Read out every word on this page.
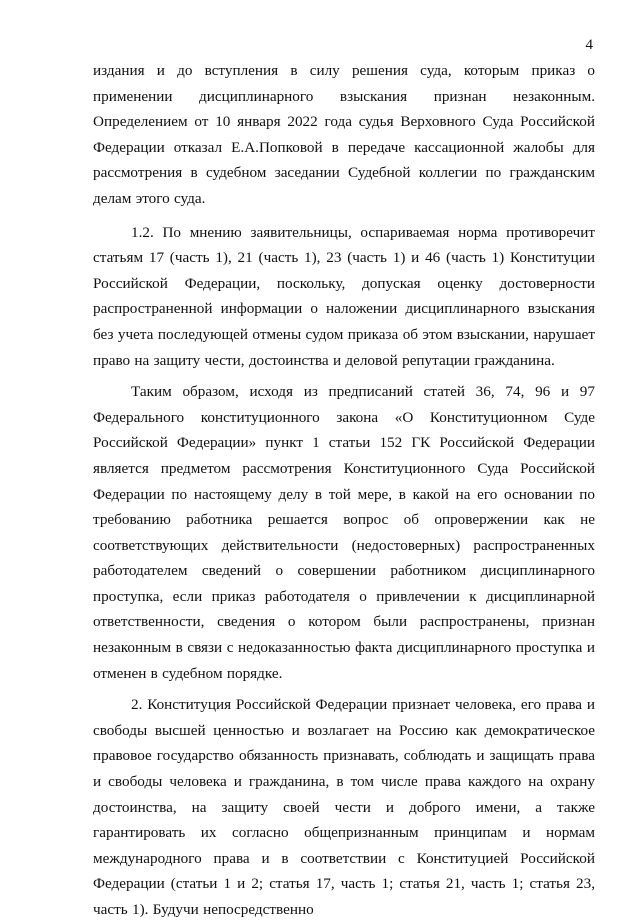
4

издания и до вступления в силу решения суда, которым приказ о применении дисциплинарного взыскания признан незаконным. Определением от 10 января 2022 года судья Верховного Суда Российской Федерации отказал Е.А.Попковой в передаче кассационной жалобы для рассмотрения в судебном заседании Судебной коллегии по гражданским делам этого суда.

1.2. По мнению заявительницы, оспариваемая норма противоречит статьям 17 (часть 1), 21 (часть 1), 23 (часть 1) и 46 (часть 1) Конституции Российской Федерации, поскольку, допуская оценку достоверности распространенной информации о наложении дисциплинарного взыскания без учета последующей отмены судом приказа об этом взыскании, нарушает право на защиту чести, достоинства и деловой репутации гражданина.

Таким образом, исходя из предписаний статей 36, 74, 96 и 97 Федерального конституционного закона «О Конституционном Суде Российской Федерации» пункт 1 статьи 152 ГК Российской Федерации является предметом рассмотрения Конституционного Суда Российской Федерации по настоящему делу в той мере, в какой на его основании по требованию работника решается вопрос об опровержении как не соответствующих действительности (недостоверных) распространенных работодателем сведений о совершении работником дисциплинарного проступка, если приказ работодателя о привлечении к дисциплинарной ответственности, сведения о котором были распространены, признан незаконным в связи с недоказанностью факта дисциплинарного проступка и отменен в судебном порядке.

2. Конституция Российской Федерации признает человека, его права и свободы высшей ценностью и возлагает на Россию как демократическое правовое государство обязанность признавать, соблюдать и защищать права и свободы человека и гражданина, в том числе права каждого на охрану достоинства, на защиту своей чести и доброго имени, а также гарантировать их согласно общепризнанным принципам и нормам международного права и в соответствии с Конституцией Российской Федерации (статьи 1 и 2; статья 17, часть 1; статья 21, часть 1; статья 23, часть 1). Будучи непосредственно
